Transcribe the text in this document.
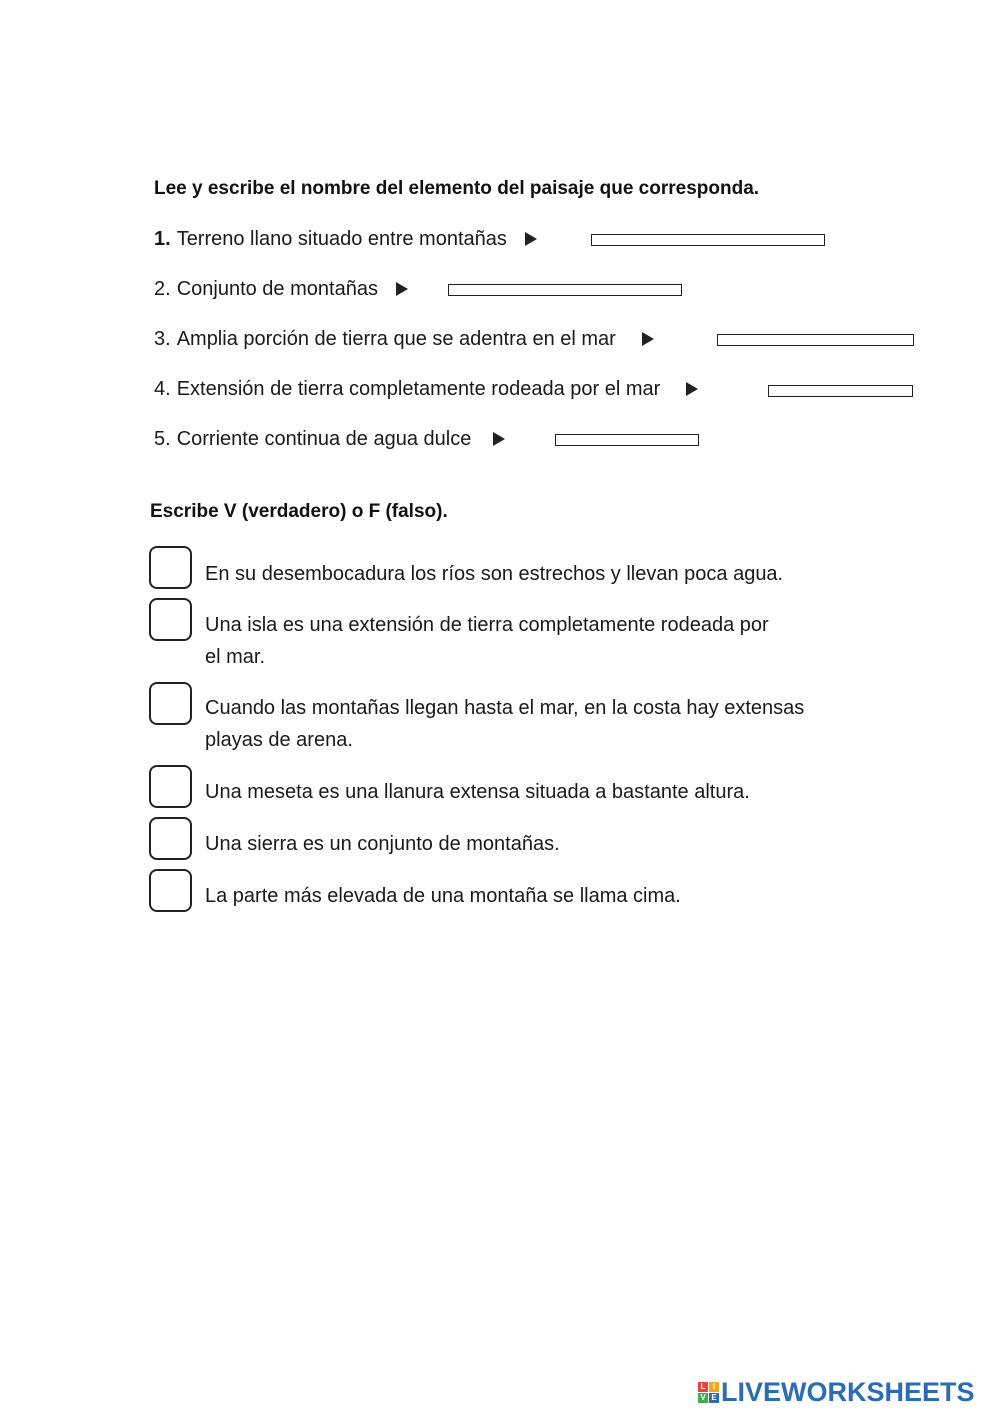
Lee y escribe el nombre del elemento del paisaje que corresponda.
1. Terreno llano situado entre montañas
2. Conjunto de montañas
3. Amplia porción de tierra que se adentra en el mar
4. Extensión de tierra completamente rodeada por el mar
5. Corriente continua de agua dulce
Escribe V (verdadero) o F (falso).
En su desembocadura los ríos son estrechos y llevan poca agua.
Una isla es una extensión de tierra completamente rodeada por
el mar.
Cuando las montañas llegan hasta el mar, en la costa hay extensas
playas de arena.
Una meseta es una llanura extensa situada a bastante altura.
Una sierra es un conjunto de montañas.
La parte más elevada de una montaña se llama cima.
L I
V E LIVEWORKSHEETS
